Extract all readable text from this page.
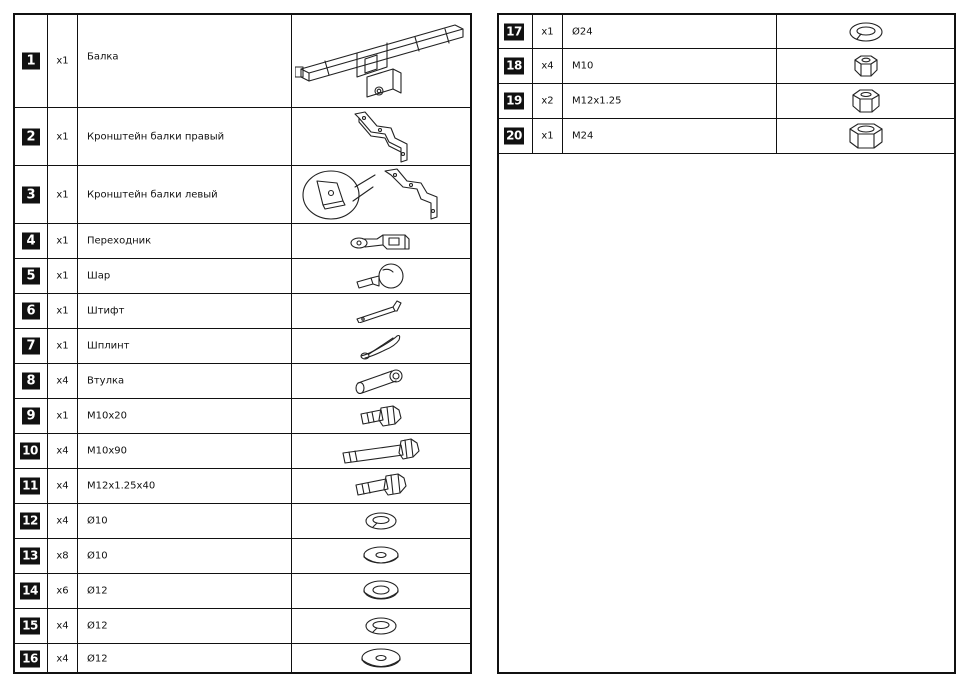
1	x1	Балка
2	x1	Кронштейн балки правый
3	x1	Кронштейн балки левый
4	x1	Переходник
5	x1	Шар
6	x1	Штифт
7	x1	Шплинт
8	x4	Втулка
9	x1	M10x20
10	x4	M10x90
11	x4	M12x1.25x40
12	x4	Ø10
13	x8	Ø10
14	x6	Ø12
15	x4	Ø12
16	x4	Ø12
17	x1	Ø24
18	x4	M10
19	x2	M12x1.25
20	x1	M24
